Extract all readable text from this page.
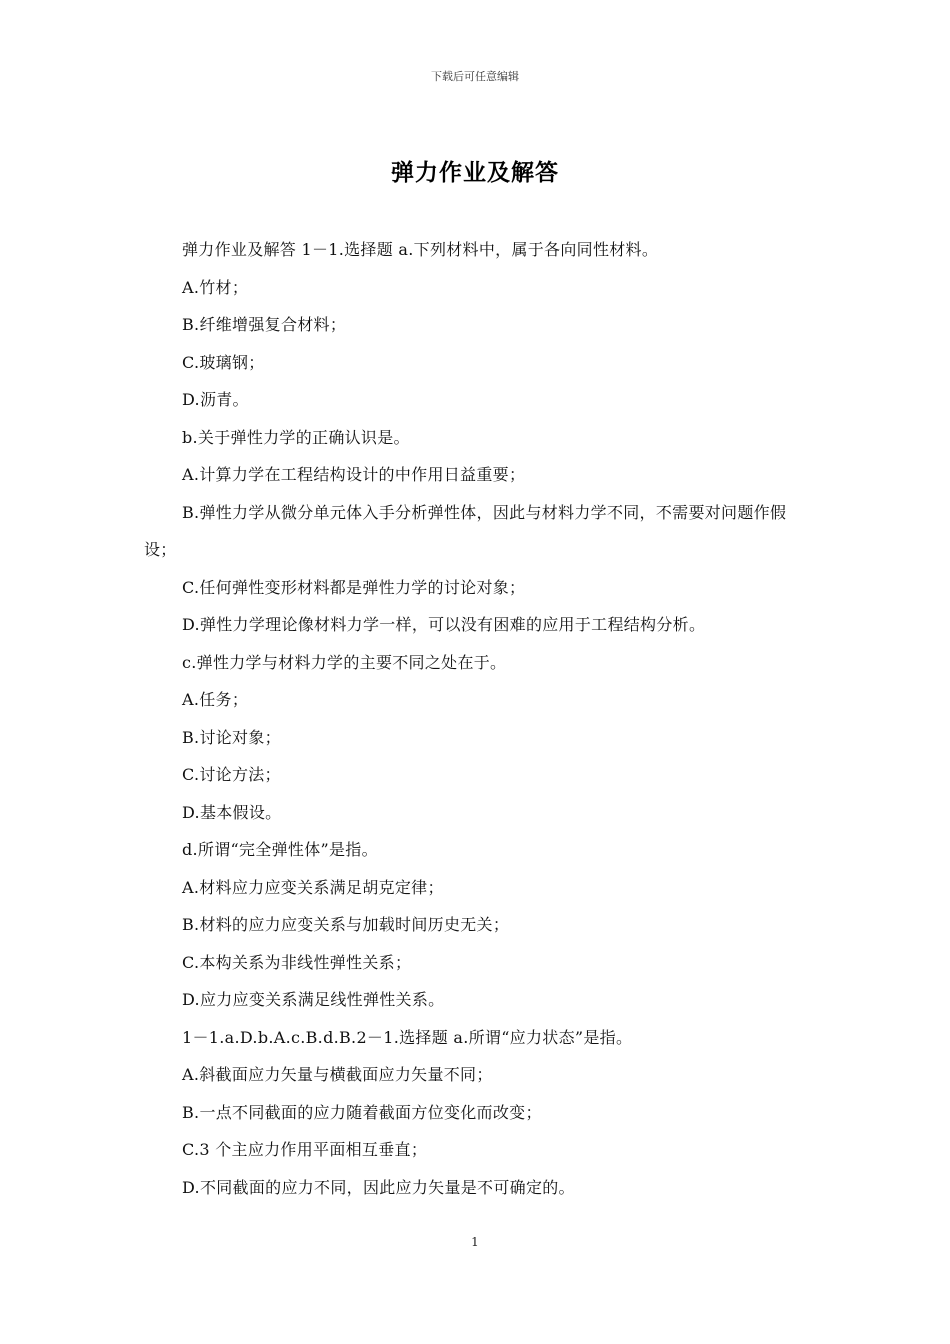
下载后可任意编辑
弹力作业及解答

弹力作业及解答 1－1.选择题 a.下列材料中，属于各向同性材料。

A.竹材；

B.纤维增强复合材料；

C.玻璃钢；

D.沥青。

b.关于弹性力学的正确认识是。

A.计算力学在工程结构设计的中作用日益重要；

B.弹性力学从微分单元体入手分析弹性体，因此与材料力学不同，不需要对问题作假设；

C.任何弹性变形材料都是弹性力学的讨论对象；

D.弹性力学理论像材料力学一样，可以没有困难的应用于工程结构分析。

c.弹性力学与材料力学的主要不同之处在于。

A.任务；

B.讨论对象；

C.讨论方法；

D.基本假设。

d.所谓“完全弹性体”是指。

A.材料应力应变关系满足胡克定律；

B.材料的应力应变关系与加载时间历史无关；

C.本构关系为非线性弹性关系；

D.应力应变关系满足线性弹性关系。

1－1.a.D.b.A.c.B.d.B.2－1.选择题 a.所谓“应力状态”是指。

A.斜截面应力矢量与横截面应力矢量不同；

B.一点不同截面的应力随着截面方位变化而改变；

C.3 个主应力作用平面相互垂直；

D.不同截面的应力不同，因此应力矢量是不可确定的。

1
